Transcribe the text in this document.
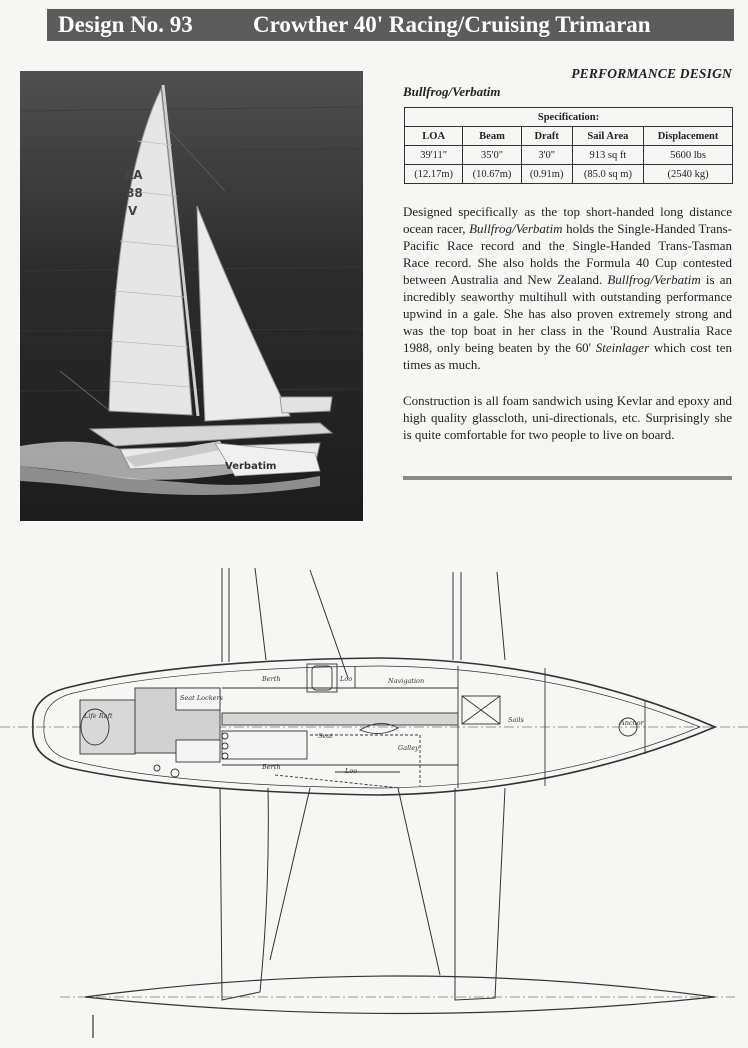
Design No. 93	Crowther 40' Racing/Cruising Trimaran
KA
88
V
Verbatim
PERFORMANCE DESIGN
Bullfrog/Verbatim
Specification:				
LOA	Beam	Draft	Sail Area	Displacement
39'11"	35'0"	3'0"	913 sq ft	5600 lbs
(12.17m)	(10.67m)	(0.91m)	(85.0 sq m)	(2540 kg)
Designed specifically as the top short-handed long distance ocean racer, Bullfrog/Verbatim holds the Single-Handed Trans-Pacific Race record and the Single-Handed Trans-Tasman Race record. She also holds the Formula 40 Cup contested between Australia and New Zealand. Bullfrog/Verbatim is an incredibly seaworthy multihull with outstanding performance upwind in a gale. She has also proven extremely strong and was the top boat in her class in the 'Round Australia Race 1988, only being beaten by the 60' Steinlager which cost ten times as much.
Construction is all foam sandwich using Kevlar and epoxy and high quality glasscloth, uni-directionals, etc. Surprisingly she is quite comfortable for two people to live on board.
Berth	Loo	Navigation
Life Raft
Seat Lockers
Sails	Anchor
Seat
Galley
Berth	Loo
